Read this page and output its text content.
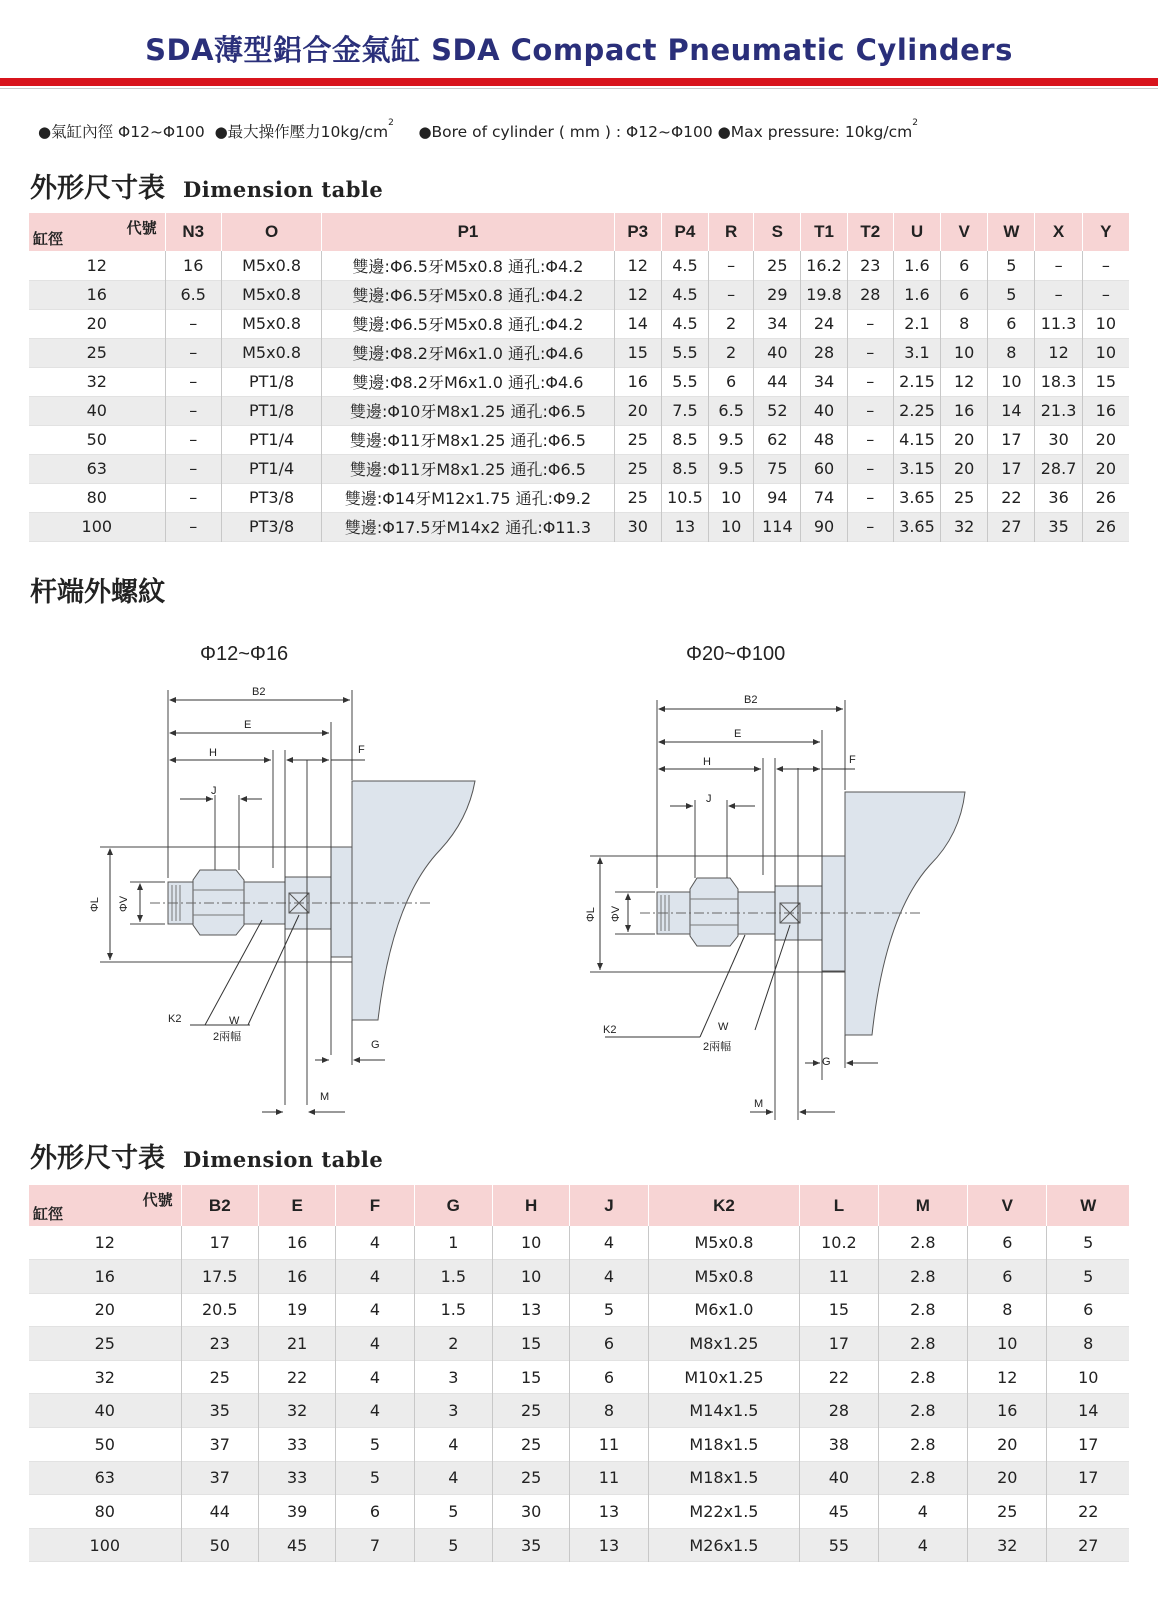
SDA薄型鋁合金氣缸 SDA Compact Pneumatic Cylinders
●氣缸內徑 Φ12~Φ100 ●最大操作壓力$10kg/cm^2$ ●Bore of cylinder ( mm ) : Φ12~Φ100 ●Max pressure: $10kg/cm^2$
外形尺寸表 Dimension table
代號
缸徑	N3	O	P1	P3	P4	R	S	T1	T2	U	V	W	X	Y
12	16	M5x0.8	雙邊:Φ6.5牙M5x0.8 通孔:Φ4.2	12	4.5	–	25	16.2	23	1.6	6	5	–	–
16	6.5	M5x0.8	雙邊:Φ6.5牙M5x0.8 通孔:Φ4.2	12	4.5	–	29	19.8	28	1.6	6	5	–	–
20	–	M5x0.8	雙邊:Φ6.5牙M5x0.8 通孔:Φ4.2	14	4.5	2	34	24	–	2.1	8	6	11.3	10
25	–	M5x0.8	雙邊:Φ8.2牙M6x1.0 通孔:Φ4.6	15	5.5	2	40	28	–	3.1	10	8	12	10
32	–	PT1/8	雙邊:Φ8.2牙M6x1.0 通孔:Φ4.6	16	5.5	6	44	34	–	2.15	12	10	18.3	15
40	–	PT1/8	雙邊:Φ10牙M8x1.25 通孔:Φ6.5	20	7.5	6.5	52	40	–	2.25	16	14	21.3	16
50	–	PT1/4	雙邊:Φ11牙M8x1.25 通孔:Φ6.5	25	8.5	9.5	62	48	–	4.15	20	17	30	20
63	–	PT1/4	雙邊:Φ11牙M8x1.25 通孔:Φ6.5	25	8.5	9.5	75	60	–	3.15	20	17	28.7	20
80	–	PT3/8	雙邊:Φ14牙M12x1.75 通孔:Φ9.2	25	10.5	10	94	74	–	3.65	25	22	36	26
100	–	PT3/8	雙邊:Φ17.5牙M14x2 通孔:Φ11.3	30	13	10	114	90	–	3.65	32	27	35	26
杆端外螺紋
Φ12~Φ16	Φ20~Φ100
B2
E
H
J
F
ΦL ΦV
K2	W
2兩幅
G
M
B2
E
H
J
F
ΦL ΦV
K2	W
2兩幅
G
M
外形尺寸表 Dimension table
代號
缸徑	B2	E	F	G	H	J	K2	L	M	V	W
12	17	16	4	1	10	4	M5x0.8	10.2	2.8	6	5
16	17.5	16	4	1.5	10	4	M5x0.8	11	2.8	6	5
20	20.5	19	4	1.5	13	5	M6x1.0	15	2.8	8	6
25	23	21	4	2	15	6	M8x1.25	17	2.8	10	8
32	25	22	4	3	15	6	M10x1.25	22	2.8	12	10
40	35	32	4	3	25	8	M14x1.5	28	2.8	16	14
50	37	33	5	4	25	11	M18x1.5	38	2.8	20	17
63	37	33	5	4	25	11	M18x1.5	40	2.8	20	17
80	44	39	6	5	30	13	M22x1.5	45	4	25	22
100	50	45	7	5	35	13	M26x1.5	55	4	32	27
